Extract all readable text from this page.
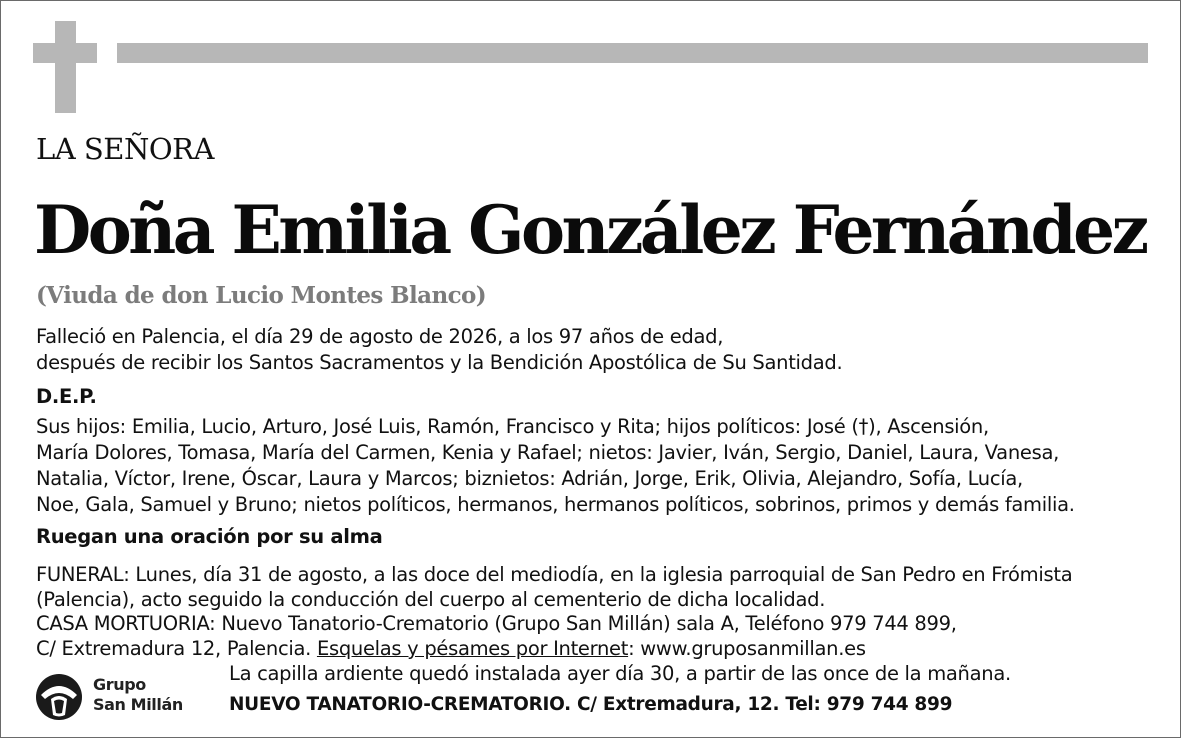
LA SEÑORA
Doña Emilia González Fernández
(Viuda de don Lucio Montes Blanco)
Falleció en Palencia, el día 29 de agosto de 2026, a los 97 años de edad,
después de recibir los Santos Sacramentos y la Bendición Apostólica de Su Santidad.
D.E.P.
Sus hijos: Emilia, Lucio, Arturo, José Luis, Ramón, Francisco y Rita; hijos políticos: José (†), Ascensión,
María Dolores, Tomasa, María del Carmen, Kenia y Rafael; nietos: Javier, Iván, Sergio, Daniel, Laura, Vanesa,
Natalia, Víctor, Irene, Óscar, Laura y Marcos; biznietos: Adrián, Jorge, Erik, Olivia, Alejandro, Sofía, Lucía,
Noe, Gala, Samuel y Bruno; nietos políticos, hermanos, hermanos políticos, sobrinos, primos y demás familia.
Ruegan una oración por su alma
FUNERAL: Lunes, día 31 de agosto, a las doce del mediodía, en la iglesia parroquial de San Pedro en Frómista
(Palencia), acto seguido la conducción del cuerpo al cementerio de dicha localidad.
CASA MORTUORIA: Nuevo Tanatorio-Crematorio (Grupo San Millán) sala A, Teléfono 979 744 899,
C/ Extremadura 12, Palencia. Esquelas y pésames por Internet: www.gruposanmillan.es
La capilla ardiente quedó instalada ayer día 30, a partir de las once de la mañana.
NUEVO TANATORIO-CREMATORIO. C/ Extremadura, 12. Tel: 979 744 899
Grupo
San Millán
